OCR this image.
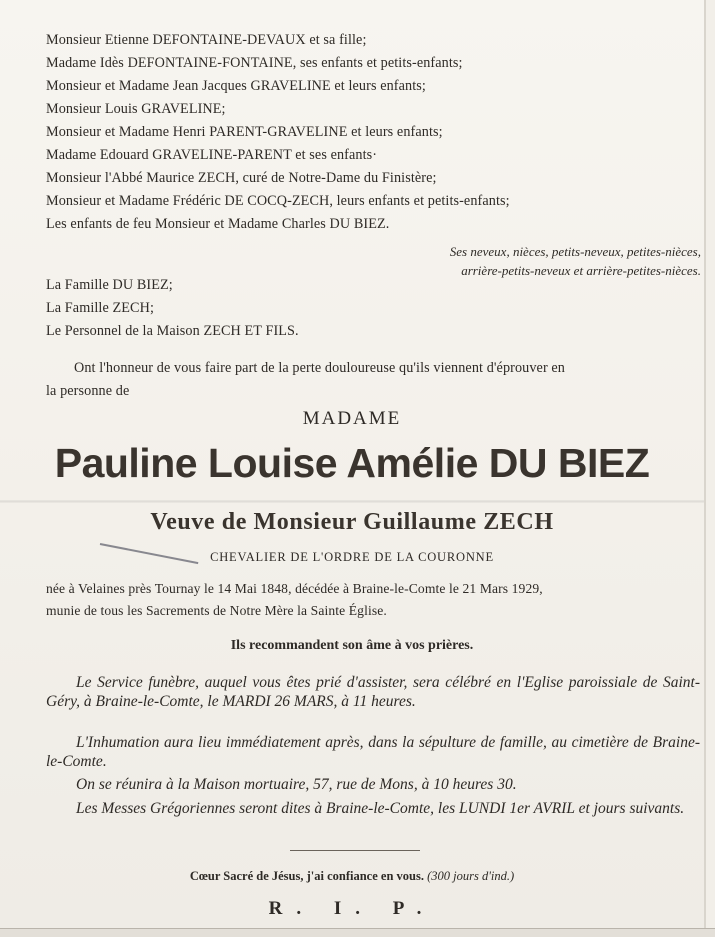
Monsieur Etienne DEFONTAINE-DEVAUX et sa fille;
Madame Idès DEFONTAINE-FONTAINE, ses enfants et petits-enfants;
Monsieur et Madame Jean Jacques GRAVELINE et leurs enfants;
Monsieur Louis GRAVELINE;
Monsieur et Madame Henri PARENT-GRAVELINE et leurs enfants;
Madame Edouard GRAVELINE-PARENT et ses enfants·
Monsieur l'Abbé Maurice ZECH, curé de Notre-Dame du Finistère;
Monsieur et Madame Frédéric DE COCQ-ZECH, leurs enfants et petits-enfants;
Les enfants de feu Monsieur et Madame Charles DU BIEZ.
Ses neveux, nièces, petits-neveux, petites-nièces,
arrière-petits-neveux et arrière-petites-nièces.
La Famille DU BIEZ;
La Famille ZECH;
Le Personnel de la Maison ZECH ET FILS.
Ont l'honneur de vous faire part de la perte douloureuse qu'ils viennent d'éprouver en
la personne de
MADAME
Pauline Louise Amélie DU BIEZ
Veuve de Monsieur Guillaume ZECH
CHEVALIER DE L'ORDRE DE LA COURONNE
née à Velaines près Tournay le 14 Mai 1848, décédée à Braine-le-Comte le 21 Mars 1929,
munie de tous les Sacrements de Notre Mère la Sainte Église.
Ils recommandent son âme à vos prières.
Le Service funèbre, auquel vous êtes prié d'assister, sera célébré en l'Eglise paroissiale de Saint-Géry, à Braine-le-Comte, le MARDI 26 MARS, à 11 heures.
L'Inhumation aura lieu immédiatement après, dans la sépulture de famille, au cimetière de Braine-le-Comte.
On se réunira à la Maison mortuaire, 57, rue de Mons, à 10 heures 30.
Les Messes Grégoriennes seront dites à Braine-le-Comte, les LUNDI 1er AVRIL et jours suivants.
Cœur Sacré de Jésus, j'ai confiance en vous. (300 jours d'ind.)
R. I. P.
